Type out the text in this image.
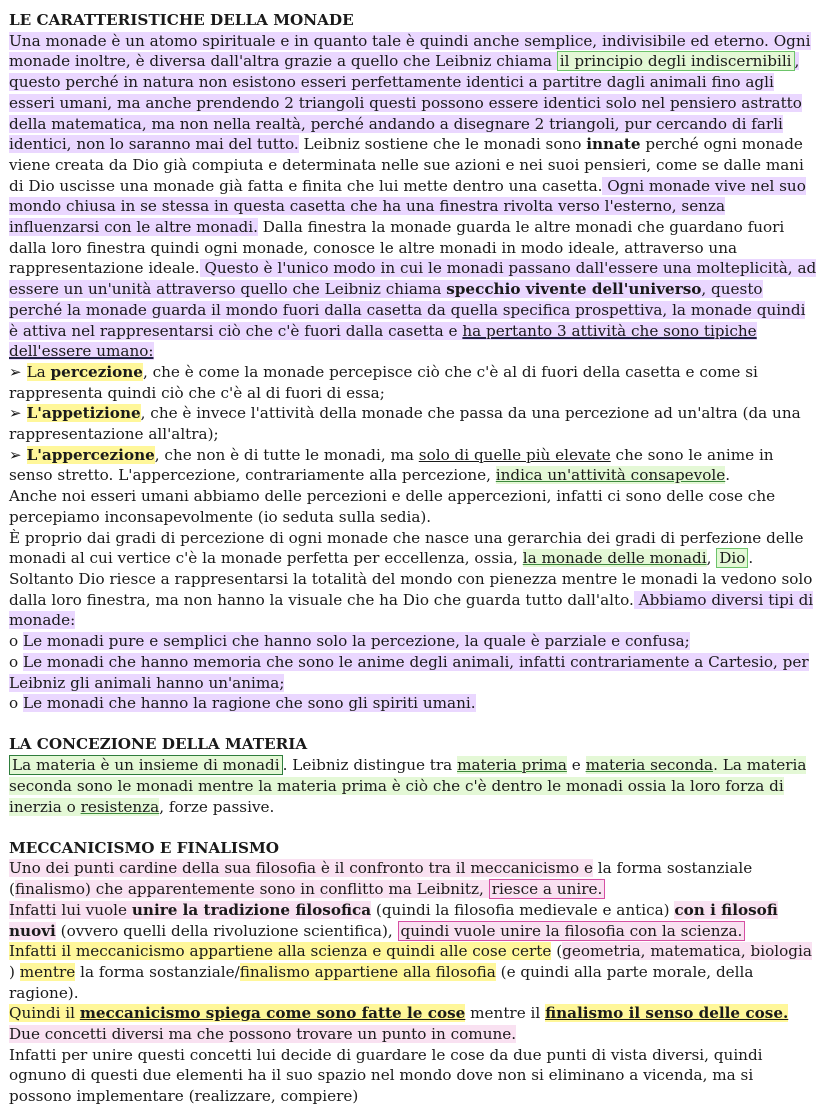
LE CARATTERISTICHE DELLA MONADE

Una monade è un atomo spirituale e in quanto tale è quindi anche semplice, indivisibile ed eterno. Ogni monade inoltre, è diversa dall'altra grazie a quello che Leibniz chiama il principio degli indiscernibili , questo perché in natura non esistono esseri perfettamente identici a partitre dagli animali fino agli esseri umani, ma anche prendendo 2 triangoli questi possono essere identici solo nel pensiero astratto della matematica, ma non nella realtà, perché andando a disegnare 2 triangoli, pur cercando di farli identici, non lo saranno mai del tutto. Leibniz sostiene che le monadi sono innate perché ogni monade viene creata da Dio già compiuta e determinata nelle sue azioni e nei suoi pensieri, come se dalle mani di Dio uscisse una monade già fatta e finita che lui mette dentro una casetta. Ogni monade vive nel suo mondo chiusa in se stessa in questa casetta che ha una finestra rivolta verso l'esterno, senza influenzarsi con le altre monadi. Dalla finestra la monade guarda le altre monadi che guardano fuori dalla loro finestra quindi ogni monade, conosce le altre monadi in modo ideale, attraverso una rappresentazione ideale. Questo è l'unico modo in cui le monadi passano dall'essere una molteplicità, ad essere un un'unità attraverso quello che Leibniz chiama specchio vivente dell'universo, questo perché la monade guarda il mondo fuori dalla casetta da quella specifica prospettiva, la monade quindi è attiva nel rappresentarsi ciò che c'è fuori dalla casetta e ha pertanto 3 attività che sono tipiche dell'essere umano:

➢ La percezione, che è come la monade percepisce ciò che c'è al di fuori della casetta e come si rappresenta quindi ciò che c'è al di fuori di essa;

➢ L'appetizione, che è invece l'attività della monade che passa da una percezione ad un'altra (da una rappresentazione all'altra);

➢ L'appercezione, che non è di tutte le monadi, ma solo di quelle più elevate che sono le anime in senso stretto. L'appercezione, contrariamente alla percezione, indica un'attività consapevole.

Anche noi esseri umani abbiamo delle percezioni e delle appercezioni, infatti ci sono delle cose che percepiamo inconsapevolmente (io seduta sulla sedia).

È proprio dai gradi di percezione di ogni monade che nasce una gerarchia dei gradi di perfezione delle monadi al cui vertice c'è la monade perfetta per eccellenza, ossia, la monade delle monadi, Dio . Soltanto Dio riesce a rappresentarsi la totalità del mondo con pienezza mentre le monadi la vedono solo dalla loro finestra, ma non hanno la visuale che ha Dio che guarda tutto dall'alto. Abbiamo diversi tipi di monade:

o Le monadi pure e semplici che hanno solo la percezione, la quale è parziale e confusa;

o Le monadi che hanno memoria che sono le anime degli animali, infatti contrariamente a Cartesio, per Leibniz gli animali hanno un'anima;

o Le monadi che hanno la ragione che sono gli spiriti umani.

LA CONCEZIONE DELLA MATERIA

La materia è un insieme di monadi . Leibniz distingue tra materia prima e materia seconda. La materia seconda sono le monadi mentre la materia prima è ciò che c'è dentro le monadi ossia la loro forza di inerzia o resistenza, forze passive.

MECCANICISMO E FINALISMO

Uno dei punti cardine della sua filosofia è il confronto tra il meccanicismo e la forma sostanziale (finalismo) che apparentemente sono in conflitto ma Leibnitz, riesce a unire.

Infatti lui vuole unire la tradizione filosofica (quindi la filosofia medievale e antica) con i filosofi nuovi (ovvero quelli della rivoluzione scientifica), quindi vuole unire la filosofia con la scienza.

Infatti il meccanicismo appartiene alla scienza e quindi alle cose certe (geometria, matematica, biologia ) mentre la forma sostanziale/finalismo appartiene alla filosofia (e quindi alla parte morale, della ragione).

Quindi il meccanicismo spiega come sono fatte le cose mentre il finalismo il senso delle cose.

Due concetti diversi ma che possono trovare un punto in comune.

Infatti per unire questi concetti lui decide di guardare le cose da due punti di vista diversi, quindi ognuno di questi due elementi ha il suo spazio nel mondo dove non si eliminano a vicenda, ma si possono implementare (realizzare, compiere)
